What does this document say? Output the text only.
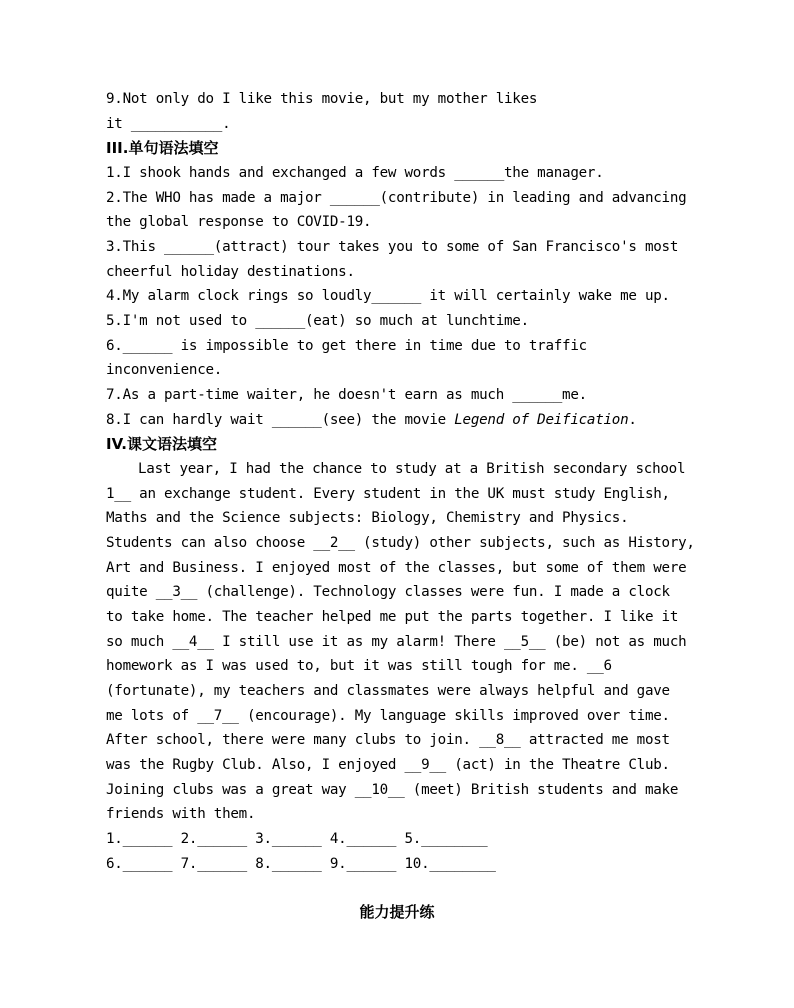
9.Not only do I like this movie, but my mother likes
it ___________.
III.单句语法填空
1.I shook hands and exchanged a few words ______the manager.
2.The WHO has made a major ______(contribute) in leading and advancing
the global response to COVID-19.
3.This ______(attract) tour takes you to some of San Francisco's most
cheerful holiday destinations.
4.My alarm clock rings so loudly______ it will certainly wake me up.
5.I'm not used to ______(eat) so much at lunchtime.
6.______ is impossible to get there in time due to traffic
inconvenience.
7.As a part-time waiter, he doesn't earn as much ______me.
8.I can hardly wait ______(see) the movie Legend of Deification.
IV.课文语法填空
Last year, I had the chance to study at a British secondary school
1__ an exchange student. Every student in the UK must study English,
Maths and the Science subjects: Biology, Chemistry and Physics.
Students can also choose __2__ (study) other subjects, such as History,
Art and Business. I enjoyed most of the classes, but some of them were
quite __3__ (challenge). Technology classes were fun. I made a clock
to take home. The teacher helped me put the parts together. I like it
so much __4__ I still use it as my alarm! There __5__ (be) not as much
homework as I was used to, but it was still tough for me. __6
(fortunate), my teachers and classmates were always helpful and gave
me lots of __7__ (encourage). My language skills improved over time.
After school, there were many clubs to join. __8__ attracted me most
was the Rugby Club. Also, I enjoyed __9__ (act) in the Theatre Club.
Joining clubs was a great way __10__ (meet) British students and make
friends with them.
1.______ 2.______ 3.______ 4.______ 5.________
6.______ 7.______ 8.______ 9.______ 10.________
能力提升练
